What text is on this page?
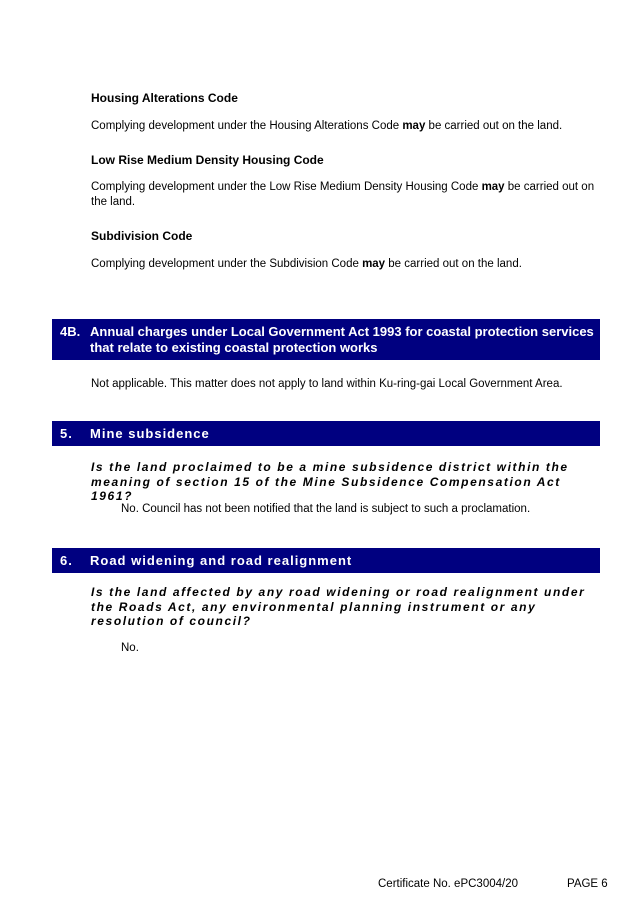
Housing Alterations Code
Complying development under the Housing Alterations Code may be carried out on the land.
Low Rise Medium Density Housing Code
Complying development under the Low Rise Medium Density Housing Code may be carried out on the land.
Subdivision Code
Complying development under the Subdivision Code may be carried out on the land.
4B. Annual charges under Local Government Act 1993 for coastal protection services that relate to existing coastal protection works
Not applicable. This matter does not apply to land within Ku-ring-gai Local Government Area.
5. Mine subsidence
Is the land proclaimed to be a mine subsidence district within the meaning of section 15 of the Mine Subsidence Compensation Act 1961?
No. Council has not been notified that the land is subject to such a proclamation.
6. Road widening and road realignment
Is the land affected by any road widening or road realignment under the Roads Act, any environmental planning instrument or any resolution of council?
No.
Certificate No. ePC3004/20	PAGE 6
